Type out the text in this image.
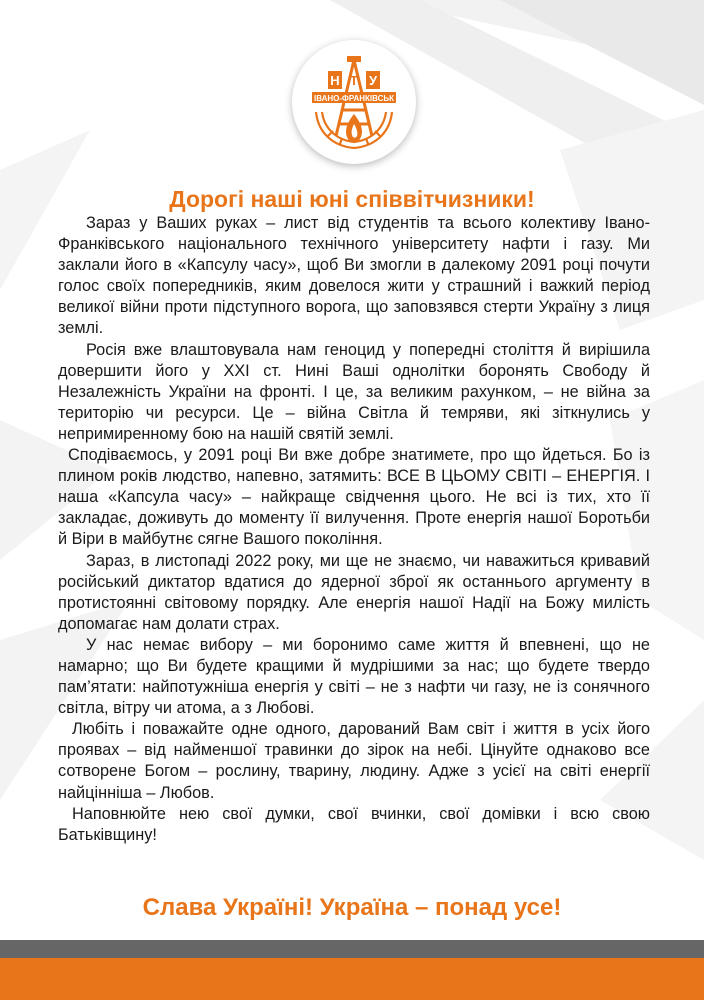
Н Т У
ІВАНО-ФРАНКІВСЬК
Дорогі наші юні співвітчизники!

Зараз у Ваших руках – лист від студентів та всього колективу Івано-Франківського національного технічного університету нафти і газу. Ми заклали його в «Капсулу часу», щоб Ви змогли в далекому 2091 році почути голос своїх попередників, яким довелося жити у страшний і важкий період великої війни проти підступного ворога, що заповзявся стерти Україну з лиця землі.

Росія вже влаштовувала нам геноцид у попередні століття й вирішила довершити його у ХХІ ст. Нині Ваші однолітки боронять Свободу й Незалежність України на фронті. І це, за великим рахунком, – не війна за територію чи ресурси. Це – війна Світла й темряви, які зіткнулись у непримиренному бою на нашій святій землі.

Сподіваємось, у 2091 році Ви вже добре знатимете, про що йдеться. Бо із плином років людство, напевно, затямить: ВСЕ В ЦЬОМУ СВІТІ – ЕНЕРГІЯ. І наша «Капсула часу» – найкраще свідчення цього. Не всі із тих, хто її закладає, доживуть до моменту її вилучення. Проте енергія нашої Боротьби й Віри в майбутнє сягне Вашого покоління.

Зараз, в листопаді 2022 року, ми ще не знаємо, чи наважиться кривавий російський диктатор вдатися до ядерної зброї як останнього аргументу в протистоянні світовому порядку. Але енергія нашої Надії на Божу милість допомагає нам долати страх.

У нас немає вибору – ми боронимо саме життя й впевнені, що не намарно; що Ви будете кращими й мудрішими за нас; що будете твердо пам’ятати: найпотужніша енергія у світі – не з нафти чи газу, не із сонячного світла, вітру чи атома, а з Любові.

Любіть і поважайте одне одного, дарований Вам світ і життя в усіх його проявах – від найменшої травинки до зірок на небі. Цінуйте однаково все сотворене Богом – рослину, тварину, людину. Адже з усієї на світі енергії найцінніша – Любов.

Наповнюйте нею свої думки, свої вчинки, свої домівки і всю свою Батьківщину!

Слава Україні! Україна – понад усе!
